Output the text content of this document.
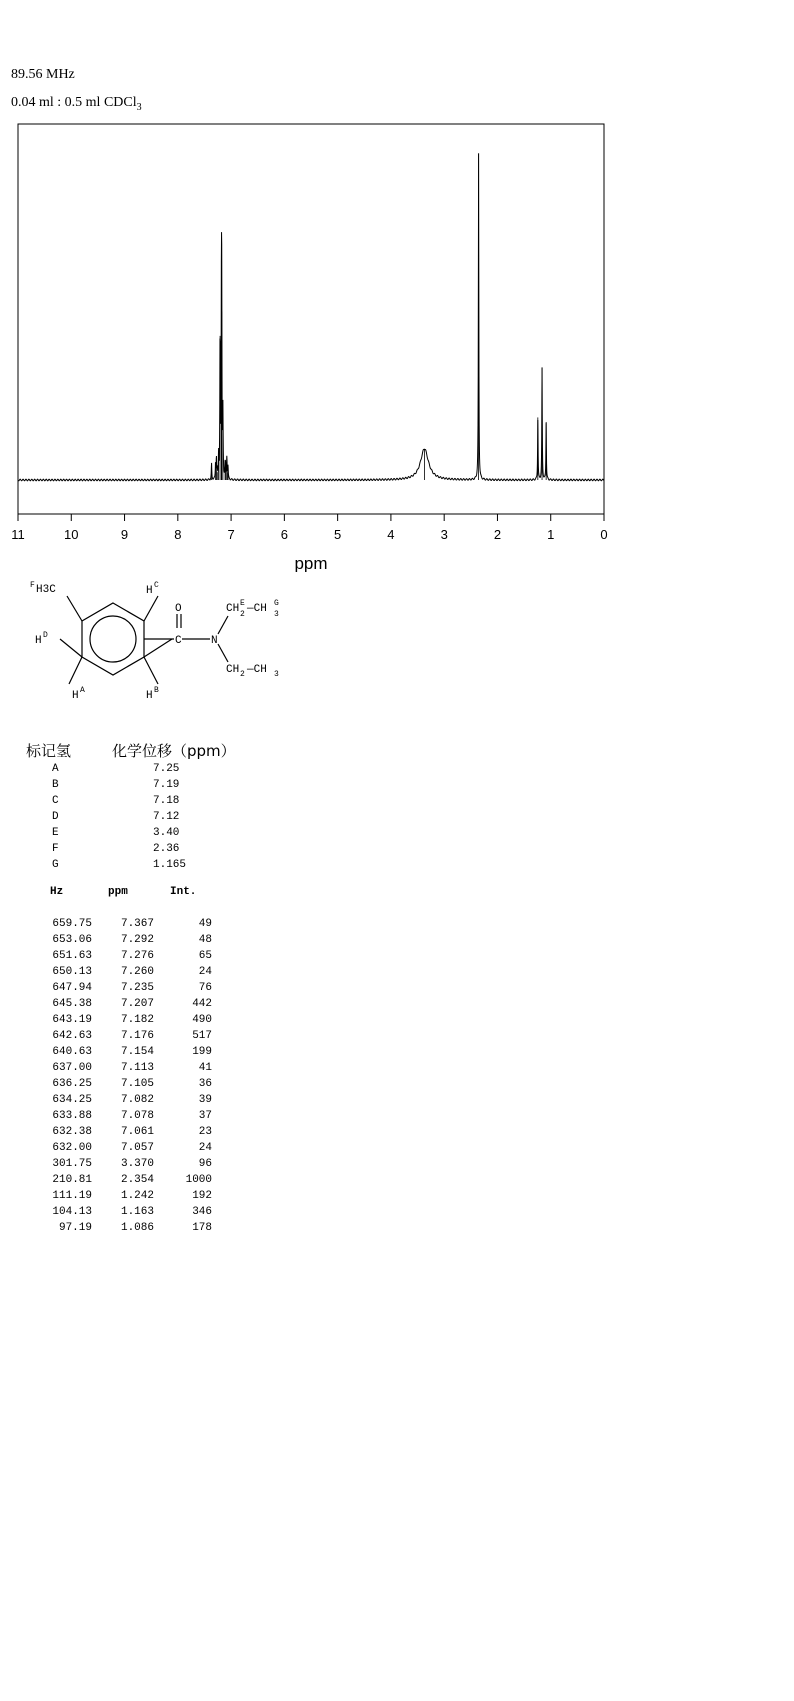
89.56 MHz
0.04 ml : 0.5 ml CDCl$_3$
11	10	9	8	7	6	5	4	3	2	1	0
ppm
F H3C	H C
H D
H A	H B
O
C	N
CH 2
E —CH 3
G
CH 2 —CH 3

标记氢

	化学位移（ppm）

A	7.25
B	7.19
C	7.18
D	7.12
E	3.40
F	2.36
G	1.165
Hz	ppm	Int.
659.75	7.367	49
653.06	7.292	48
651.63	7.276	65
650.13	7.260	24
647.94	7.235	76
645.38	7.207	442
643.19	7.182	490
642.63	7.176	517
640.63	7.154	199
637.00	7.113	41
636.25	7.105	36
634.25	7.082	39
633.88	7.078	37
632.38	7.061	23
632.00	7.057	24
301.75	3.370	96
210.81	2.354	1000
111.19	1.242	192
104.13	1.163	346
97.19	1.086	178
